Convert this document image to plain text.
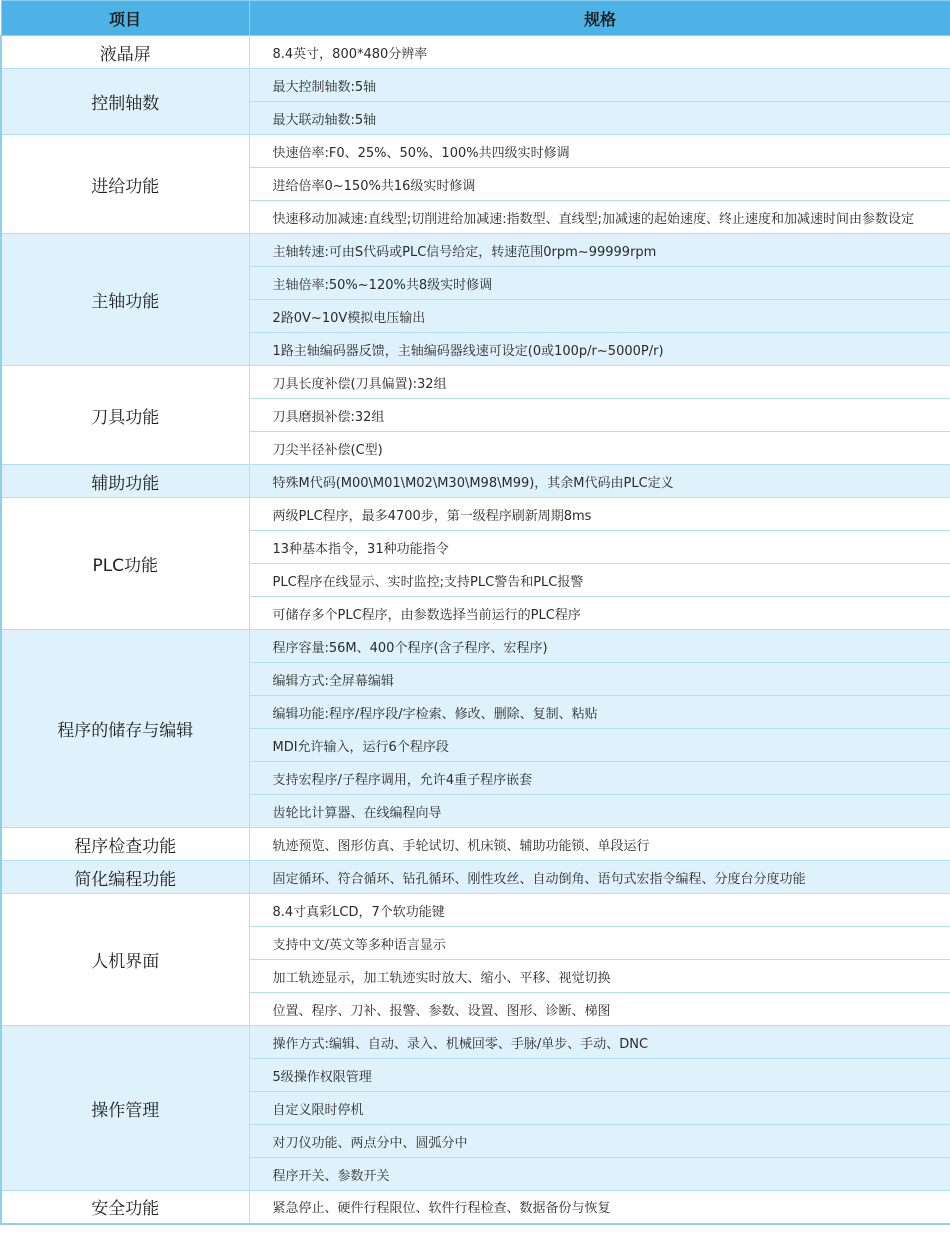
项目	规格
液晶屏	8.4英寸，800*480分辨率
控制轴数	最大控制轴数:5轴
	最大联动轴数:5轴
进给功能	快速倍率:F0、25%、50%、100%共四级实时修调
	进给倍率0~150%共16级实时修调
	快速移动加减速:直线型;切削进给加减速:指数型、直线型;加减速的起始速度、终止速度和加减速时间由参数设定
主轴功能	主轴转速:可由S代码或PLC信号给定，转速范围0rpm~99999rpm
	主轴倍率:50%~120%共8级实时修调
	2路0V~10V模拟电压输出
	1路主轴编码器反馈，主轴编码器线速可设定(0或100p/r~5000P/r)
刀具功能	刀具长度补偿(刀具偏置):32组
	刀具磨损补偿:32组
	刀尖半径补偿(C型)
辅助功能	特殊M代码(M00\M01\M02\M30\M98\M99)，其余M代码由PLC定义
PLC功能	两级PLC程序，最多4700步，第一级程序刷新周期8ms
	13种基本指令，31种功能指令
	PLC程序在线显示、实时监控;支持PLC警告和PLC报警
	可储存多个PLC程序，由参数选择当前运行的PLC程序
程序的储存与编辑	程序容量:56M、400个程序(含子程序、宏程序)
	编辑方式:全屏幕编辑
	编辑功能:程序/程序段/字检索、修改、删除、复制、粘贴
	MDI允许输入，运行6个程序段
	支持宏程序/子程序调用，允许4重子程序嵌套
	齿轮比计算器、在线编程向导
程序检查功能	轨迹预览、图形仿真、手轮试切、机床锁、辅助功能锁、单段运行
简化编程功能	固定循环、符合循环、钻孔循环、刚性攻丝、自动倒角、语句式宏指令编程、分度台分度功能
人机界面	8.4寸真彩LCD，7个软功能键
	支持中文/英文等多种语言显示
	加工轨迹显示，加工轨迹实时放大、缩小、平移、视觉切换
	位置、程序、刀补、报警、参数、设置、图形、诊断、梯图
操作管理	操作方式:编辑、自动、录入、机械回零、手脉/单步、手动、DNC
	5级操作权限管理
	自定义限时停机
	对刀仪功能、两点分中、圆弧分中
	程序开关、参数开关
安全功能	紧急停止、硬件行程限位、软件行程检查、数据备份与恢复
